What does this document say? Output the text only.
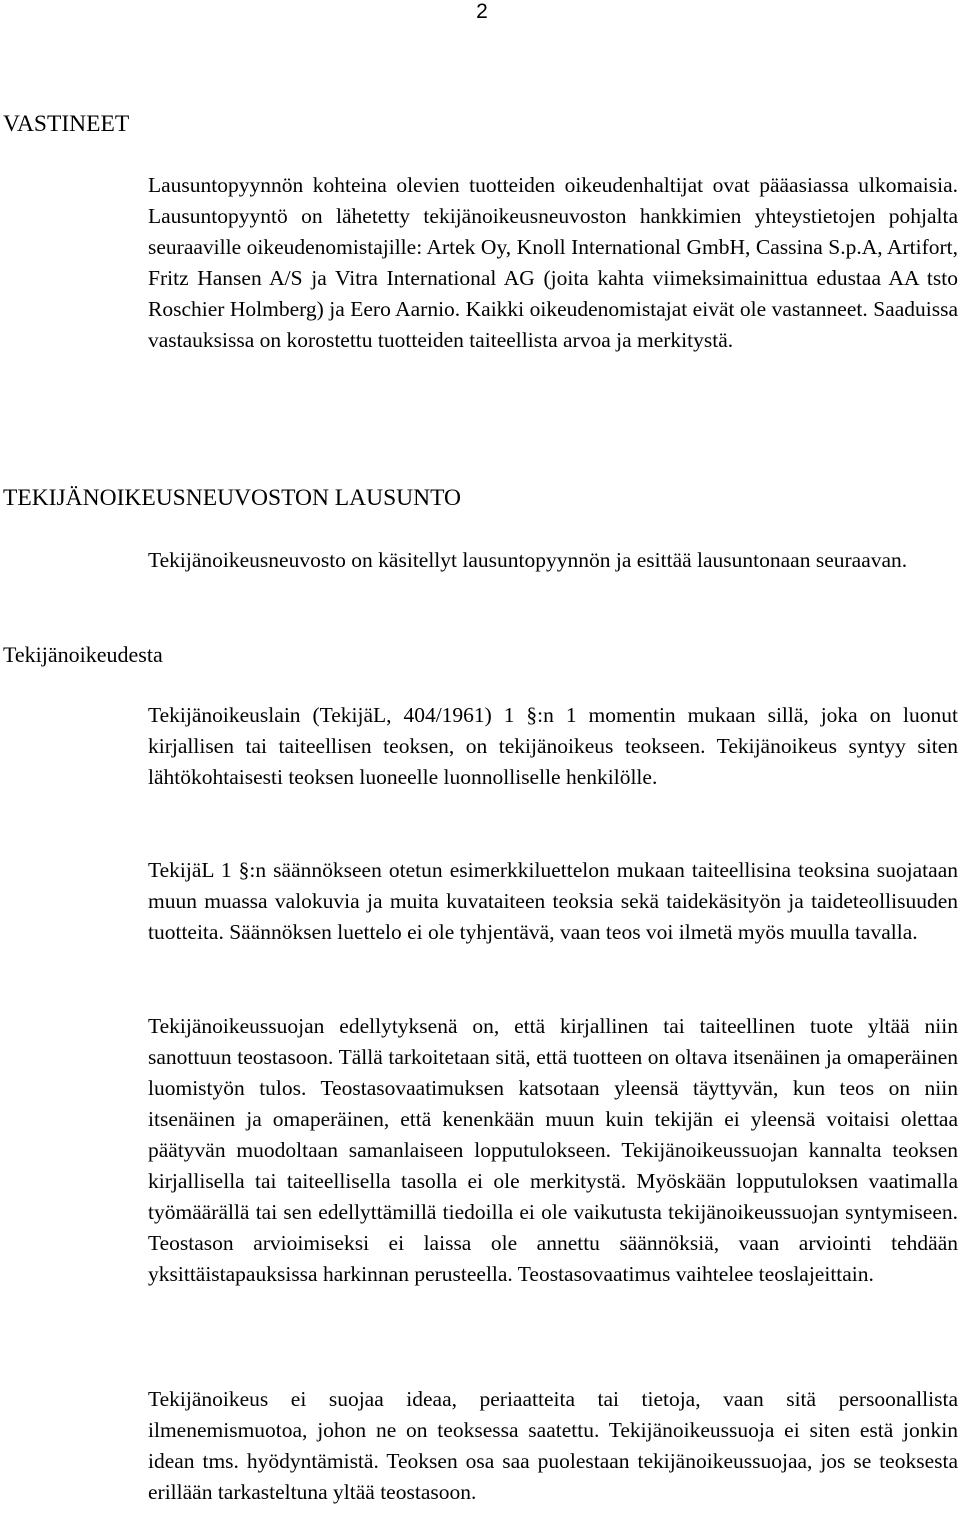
2
VASTINEET

Lausuntopyynnön kohteina olevien tuotteiden oikeudenhaltijat ovat pääasiassa ulkomaisia. Lausuntopyyntö on lähetetty tekijänoikeusneuvoston hankkimien yhteystietojen pohjalta seuraaville oikeudenomistajille: Artek Oy, Knoll International GmbH, Cassina S.p.A, Artifort, Fritz Hansen A/S ja Vitra International AG (joita kahta viimeksimainittua edustaa AA tsto Roschier Holmberg) ja Eero Aarnio. Kaikki oikeudenomistajat eivät ole vastanneet. Saaduissa vastauksissa on korostettu tuotteiden taiteellista arvoa ja merkitystä.

TEKIJÄNOIKEUSNEUVOSTON LAUSUNTO

Tekijänoikeusneuvosto on käsitellyt lausuntopyynnön ja esittää lausuntonaan seuraavan.

Tekijänoikeudesta

Tekijänoikeuslain (TekijäL, 404/1961) 1 §:n 1 momentin mukaan sillä, joka on luonut kirjallisen tai taiteellisen teoksen, on tekijänoikeus teokseen. Tekijänoikeus syntyy siten lähtökohtaisesti teoksen luoneelle luonnolliselle henkilölle.

TekijäL 1 §:n säännökseen otetun esimerkkiluettelon mukaan taiteellisina teoksina suojataan muun muassa valokuvia ja muita kuvataiteen teoksia sekä taidekäsityön ja taideteollisuuden tuotteita. Säännöksen luettelo ei ole tyhjentävä, vaan teos voi ilmetä myös muulla tavalla.

Tekijänoikeussuojan edellytyksenä on, että kirjallinen tai taiteellinen tuote yltää niin sanottuun teostasoon. Tällä tarkoitetaan sitä, että tuotteen on oltava itsenäinen ja omaperäinen luomistyön tulos. Teostasovaatimuksen katsotaan yleensä täyttyvän, kun teos on niin itsenäinen ja omaperäinen, että kenenkään muun kuin tekijän ei yleensä voitaisi olettaa päätyvän muodoltaan samanlaiseen lopputulokseen. Tekijänoikeussuojan kannalta teoksen kirjallisella tai taiteellisella tasolla ei ole merkitystä. Myöskään lopputuloksen vaatimalla työmäärällä tai sen edellyttämillä tiedoilla ei ole vaikutusta tekijänoikeussuojan syntymiseen. Teostason arvioimiseksi ei laissa ole annettu säännöksiä, vaan arviointi tehdään yksittäistapauksissa harkinnan perusteella. Teostasovaatimus vaihtelee teoslajeittain.

Tekijänoikeus ei suojaa ideaa, periaatteita tai tietoja, vaan sitä persoonallista ilmenemismuotoa, johon ne on teoksessa saatettu. Tekijänoikeussuoja ei siten estä jonkin idean tms. hyödyntämistä. Teoksen osa saa puolestaan tekijänoikeussuojaa, jos se teoksesta erillään tarkasteltuna yltää teostasoon.
